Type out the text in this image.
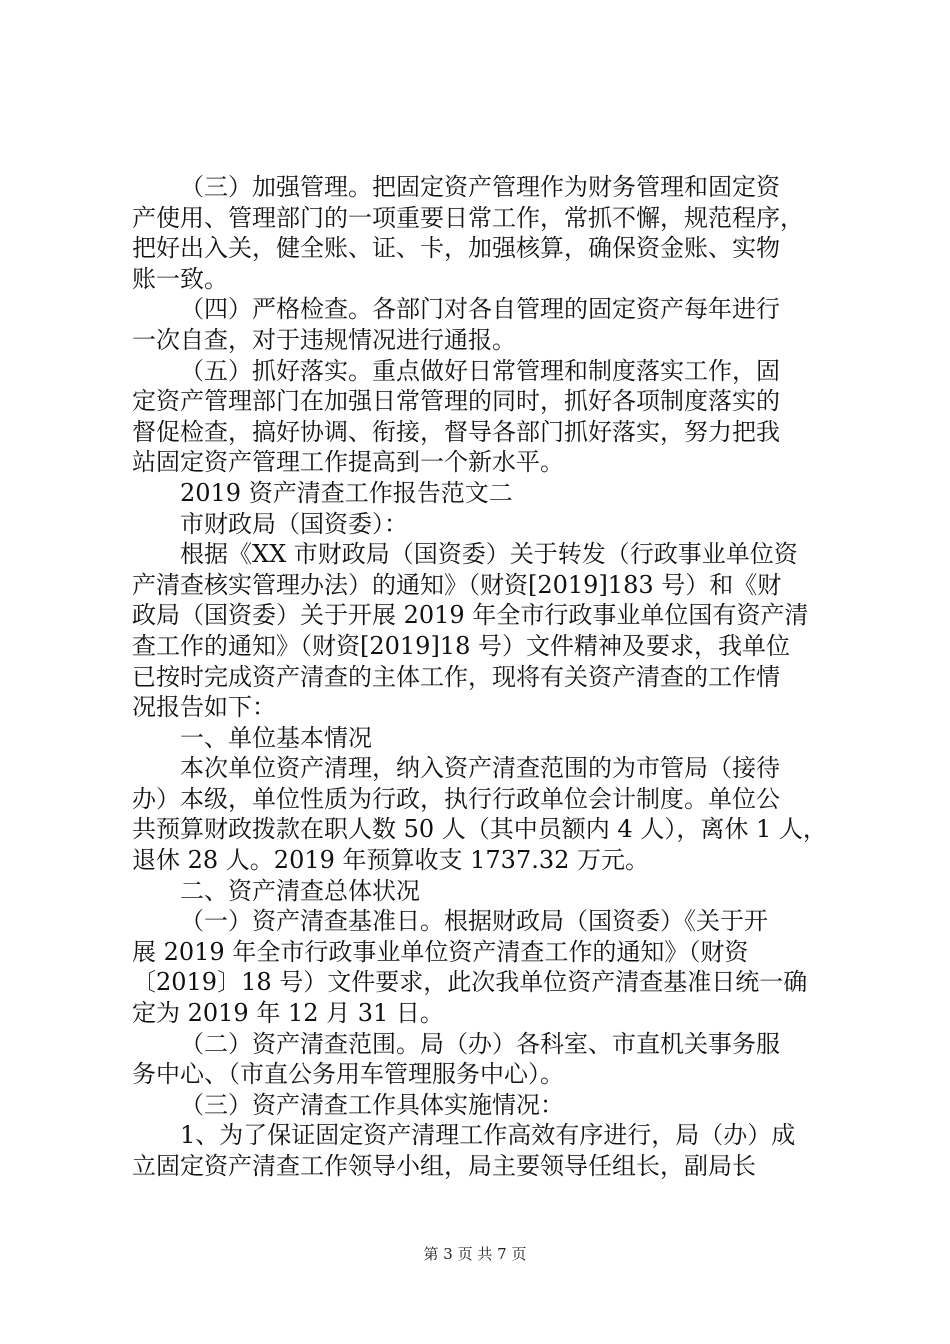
（三）加强管理。把固定资产管理作为财务管理和固定资
产使用、管理部门的一项重要日常工作，常抓不懈，规范程序，
把好出入关，健全账、证、卡，加强核算，确保资金账、实物
账一致。
（四）严格检查。各部门对各自管理的固定资产每年进行
一次自查，对于违规情况进行通报。
（五）抓好落实。重点做好日常管理和制度落实工作，固
定资产管理部门在加强日常管理的同时，抓好各项制度落实的
督促检查，搞好协调、衔接，督导各部门抓好落实，努力把我
站固定资产管理工作提高到一个新水平。
2019 资产清查工作报告范文二
市财政局（国资委）：
根据《XX 市财政局（国资委）关于转发（行政事业单位资
产清查核实管理办法）的通知》（财资[2019]183 号）和《财
政局（国资委）关于开展 2019 年全市行政事业单位国有资产清
查工作的通知》（财资[2019]18 号）文件精神及要求，我单位
已按时完成资产清查的主体工作，现将有关资产清查的工作情
况报告如下：
一、单位基本情况
本次单位资产清理，纳入资产清查范围的为市管局（接待
办）本级，单位性质为行政，执行行政单位会计制度。单位公
共预算财政拨款在职人数 50 人（其中员额内 4 人），离休 1 人，
退休 28 人。2019 年预算收支 1737.32 万元。
二、资产清查总体状况
（一）资产清查基准日。根据财政局（国资委）《关于开
展 2019 年全市行政事业单位资产清查工作的通知》（财资
〔2019〕18 号）文件要求，此次我单位资产清查基准日统一确
定为 2019 年 12 月 31 日。
（二）资产清查范围。局（办）各科室、市直机关事务服
务中心、（市直公务用车管理服务中心）。
（三）资产清查工作具体实施情况：
1、为了保证固定资产清理工作高效有序进行，局（办）成
立固定资产清查工作领导小组，局主要领导任组长，副局长
第 3 页 共 7 页
